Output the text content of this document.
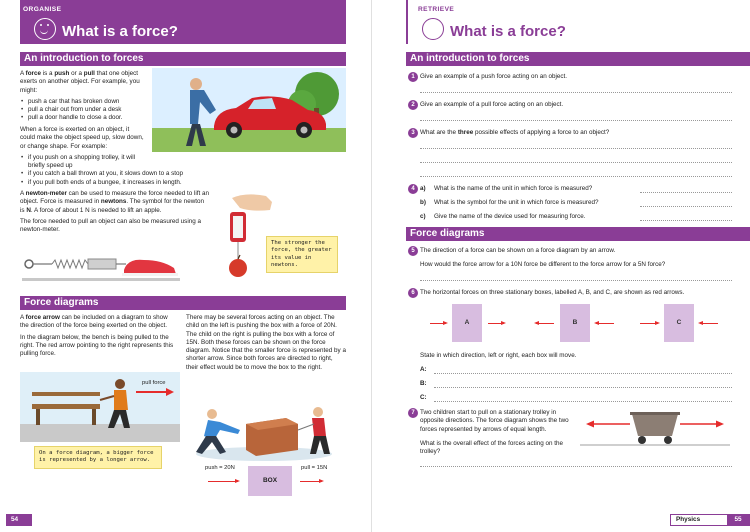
ORGANISE
What is a force?
An introduction to forces

A force is a push or a pull that one object exerts on another object. For example, you might:

• push a car that has broken down
• pull a chair out from under a desk
• pull a door handle to close a door.

When a force is exerted on an object, it could make the object speed up, slow down, or change shape. For example:

• if you push on a shopping trolley, it will briefly speed up
• if you catch a ball thrown at you, it slows down to a stop
• if you pull both ends of a bungee, it increases in length.

A newton-meter can be used to measure the force needed to lift an object. Force is measured in newtons. The symbol for the newton is N. A force of about 1 N is needed to lift an apple.

The force needed to pull an object can also be measured using a newton-meter.

The stronger the force, the greater its value in newtons.
Force diagrams

A force arrow can be included on a diagram to show the direction of the force being exerted on the object.

In the diagram below, the bench is being pulled to the right. The red arrow pointing to the right represents this pulling force.

There may be several forces acting on an object. The child on the left is pushing the box with a force of 20N. The child on the right is pulling the box with a force of 15N. Both these forces can be shown on the force diagram. Notice that the smaller force is represented by a shorter arrow. Since both forces are directed to right, their effect would be to move the box to the right.

pull force
On a force diagram, a bigger force is represented by a longer arrow.
push = 20N	pull = 15N
BOX
54
RETRIEVE
What is a force?
An introduction to forces
1 Give an example of a push force acting on an object.
2 Give an example of a pull force acting on an object.
3 What are the three possible effects of applying a force to an object?
4 a) What is the name of the unit in which force is measured?
b) What is the symbol for the unit in which force is measured?
c) Give the name of the device used for measuring force.
Force diagrams
5 The direction of a force can be shown on a force diagram by an arrow.
How would the force arrow for a 10N force be different to the force arrow for a 5N force?
6 The horizontal forces on three stationary boxes, labelled A, B, and C, are shown as red arrows.
A	B	C
State in which direction, left or right, each box will move.
A:
B:
C:
7 Two children start to pull on a stationary trolley in opposite directions. The force diagram shows the two forces represented by arrows of equal length.
What is the overall effect of the forces acting on the trolley?
Physics	55
